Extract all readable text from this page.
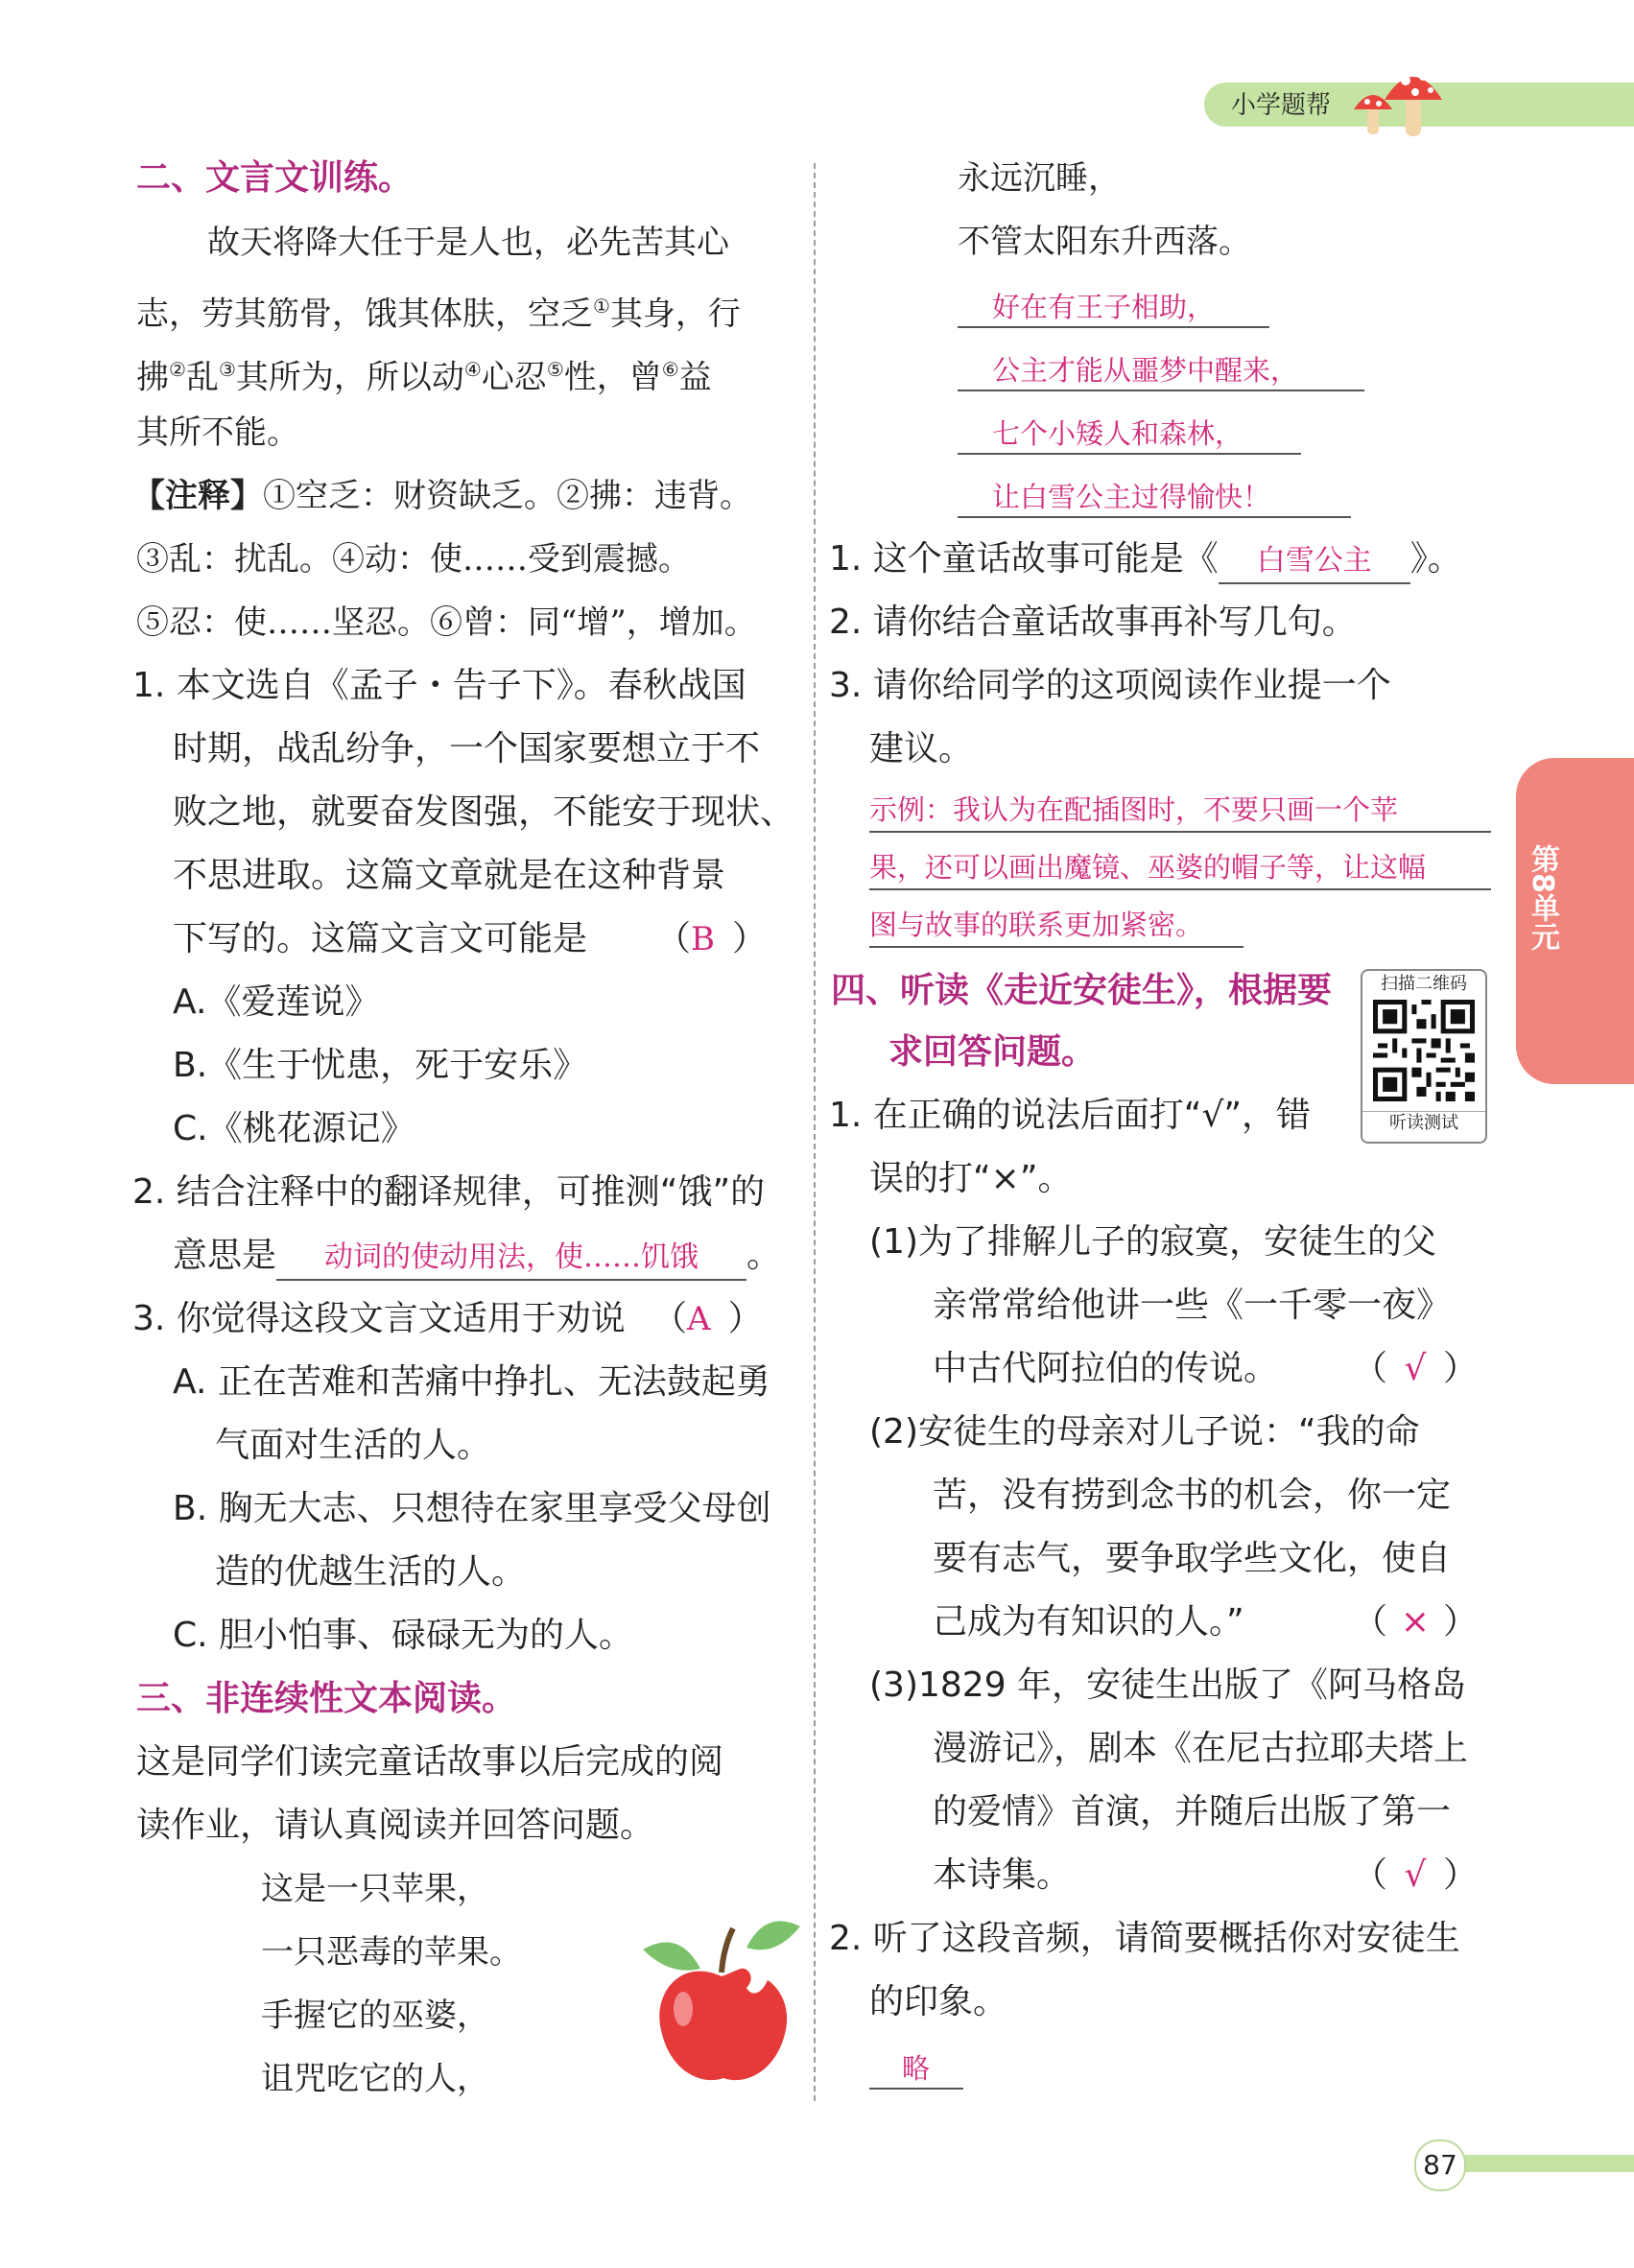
小学题帮
第8单元
二、文言文训练。
故天将降大任于是人也，必先苦其心
志，劳其筋骨，饿其体肤，空乏①其身，行
拂②乱③其所为，所以动④心忍⑤性，曾⑥益
其所不能。
【注释】①空乏：财资缺乏。②拂：违背。
③乱：扰乱。④动：使……受到震撼。
⑤忍：使……坚忍。⑥曾：同“增”，增加。
1. 本文选自《孟子・告子下》。春秋战国
时期，战乱纷争，一个国家要想立于不
败之地，就要奋发图强，不能安于现状、
不思进取。这篇文章就是在这种背景
下写的。这篇文言文可能是 （B ）
A.《爱莲说》
B.《生于忧患，死于安乐》
C.《桃花源记》
2. 结合注释中的翻译规律，可推测“饿”的
意思是 动词的使动用法，使……饥饿 。
3. 你觉得这段文言文适用于劝说 （A ）
A. 正在苦难和苦痛中挣扎、无法鼓起勇
气面对生活的人。
B. 胸无大志、只想待在家里享受父母创
造的优越生活的人。
C. 胆小怕事、碌碌无为的人。
三、非连续性文本阅读。
这是同学们读完童话故事以后完成的阅
读作业，请认真阅读并回答问题。
这是一只苹果，
一只恶毒的苹果。
手握它的巫婆，
诅咒吃它的人，
永远沉睡，
不管太阳东升西落。
好在有王子相助，
公主才能从噩梦中醒来，
七个小矮人和森林，
让白雪公主过得愉快！
1. 这个童话故事可能是《 白雪公主 》。
2. 请你结合童话故事再补写几句。
3. 请你给同学的这项阅读作业提一个
建议。
示例：我认为在配插图时，不要只画一个苹
果，还可以画出魔镜、巫婆的帽子等，让这幅
图与故事的联系更加紧密。
四、听读《走近安徒生》，根据要
求回答问题。
扫描二维码
听读测试
1. 在正确的说法后面打“√”，错
误的打“×”。
(1)为了排解儿子的寂寞，安徒生的父
亲常常给他讲一些《一千零一夜》
中古代阿拉伯的传说。 （ √ ）
(2)安徒生的母亲对儿子说：“我的命
苦，没有捞到念书的机会，你一定
要有志气，要争取学些文化，使自
己成为有知识的人。”	（ × ）
(3)1829 年，安徒生出版了《阿马格岛
漫游记》，剧本《在尼古拉耶夫塔上
的爱情》首演，并随后出版了第一
本诗集。	（ √ ）
2. 听了这段音频，请简要概括你对安徒生
的印象。
略
87
